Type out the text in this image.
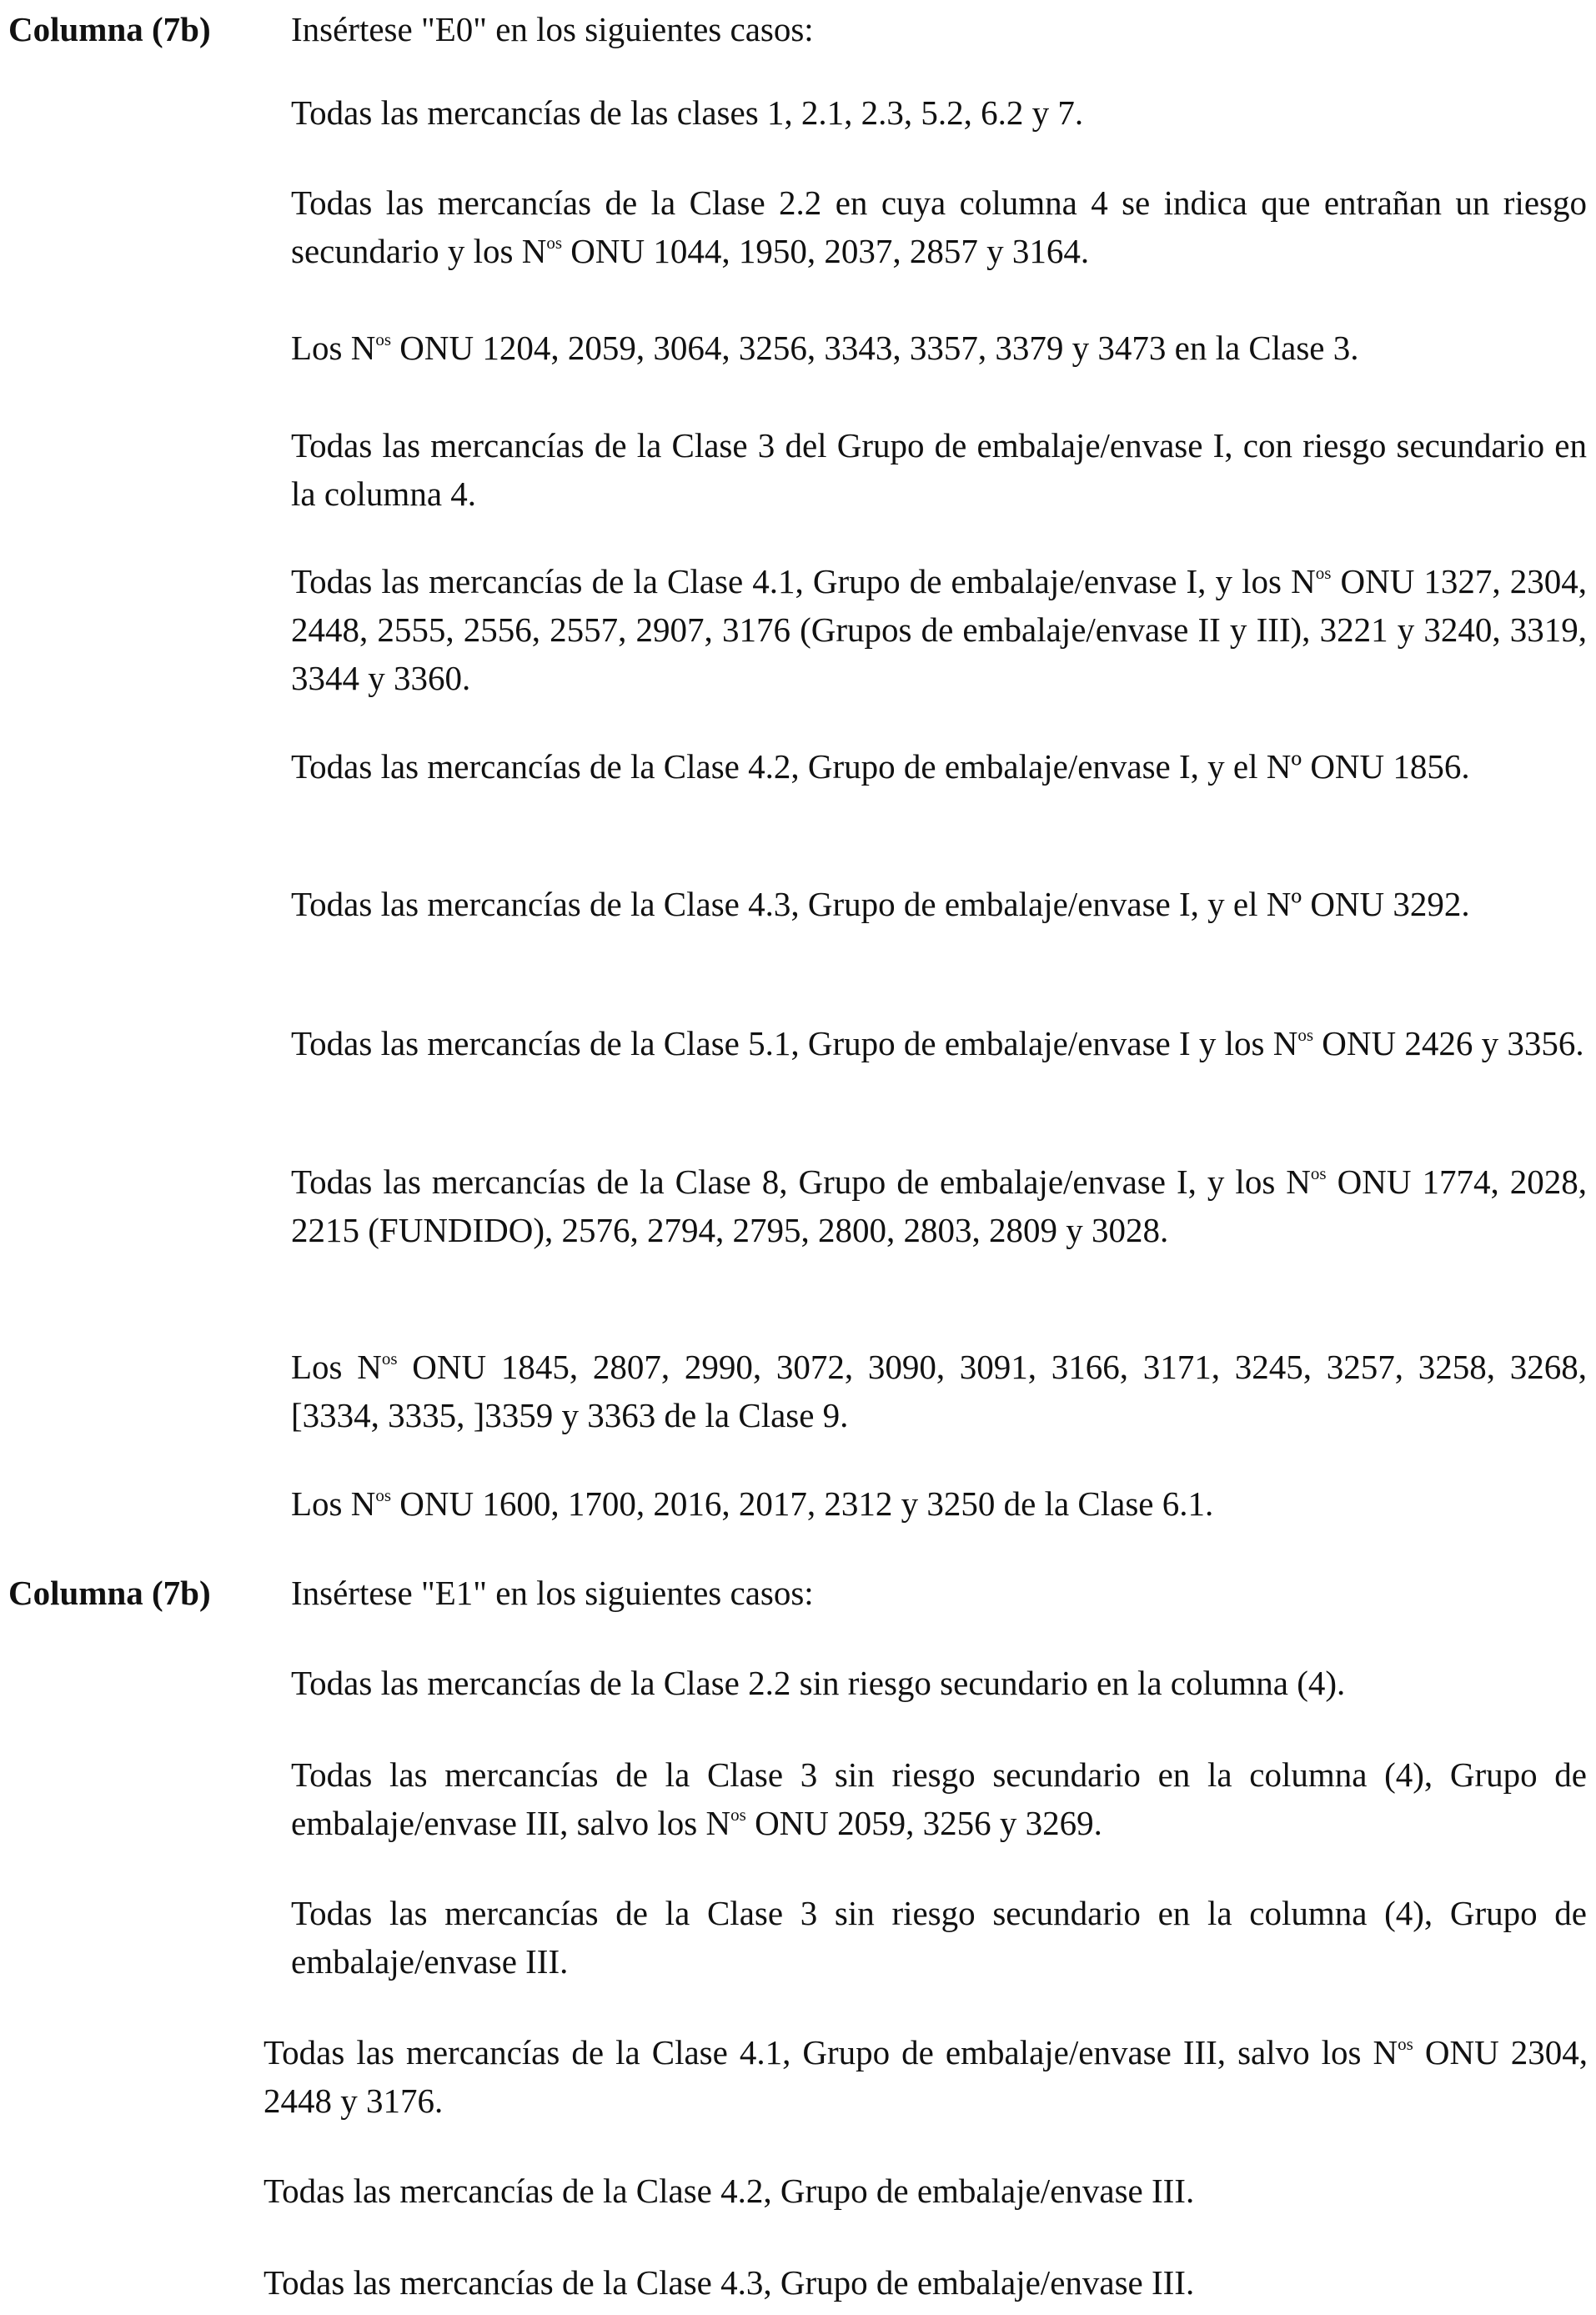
Columna (7b) Insértese "E0" en los siguientes casos:
Todas las mercancías de las clases 1, 2.1, 2.3, 5.2, 6.2 y 7.
Todas las mercancías de la Clase 2.2 en cuya columna 4 se indica que entrañan un riesgo secundario y los $N^{os}$ ONU 1044, 1950, 2037, 2857 y 3164.
Los $N^{os}$ ONU 1204, 2059, 3064, 3256, 3343, 3357, 3379 y 3473 en la Clase 3.
Todas las mercancías de la Clase 3 del Grupo de embalaje/envase I, con riesgo secundario en la columna 4.
Todas las mercancías de la Clase 4.1, Grupo de embalaje/envase I, y los $N^{os}$ ONU 1327, 2304, 2448, 2555, 2556, 2557, 2907, 3176 (Grupos de embalaje/envase II y III), 3221 y 3240, 3319, 3344 y 3360.
Todas las mercancías de la Clase 4.2, Grupo de embalaje/envase I, y el Nº ONU 1856.
Todas las mercancías de la Clase 4.3, Grupo de embalaje/envase I, y el Nº ONU 3292.
Todas las mercancías de la Clase 5.1, Grupo de embalaje/envase I y los $N^{os}$ ONU 2426 y 3356.
Todas las mercancías de la Clase 8, Grupo de embalaje/envase I, y los $N^{os}$ ONU 1774, 2028, 2215 (FUNDIDO), 2576, 2794, 2795, 2800, 2803, 2809 y 3028.
Los $N^{os}$ ONU 1845, 2807, 2990, 3072, 3090, 3091, 3166, 3171, 3245, 3257, 3258, 3268, [3334, 3335, ]3359 y 3363 de la Clase 9.
Los $N^{os}$ ONU 1600, 1700, 2016, 2017, 2312 y 3250 de la Clase 6.1.
Columna (7b) Insértese "E1" en los siguientes casos:
Todas las mercancías de la Clase 2.2 sin riesgo secundario en la columna (4).
Todas las mercancías de la Clase 3 sin riesgo secundario en la columna (4), Grupo de embalaje/envase III, salvo los $N^{os}$ ONU 2059, 3256 y 3269.
Todas las mercancías de la Clase 3 sin riesgo secundario en la columna (4), Grupo de embalaje/envase III.
Todas las mercancías de la Clase 4.1, Grupo de embalaje/envase III, salvo los $N^{os}$ ONU 2304, 2448 y 3176.
Todas las mercancías de la Clase 4.2, Grupo de embalaje/envase III.
Todas las mercancías de la Clase 4.3, Grupo de embalaje/envase III.
